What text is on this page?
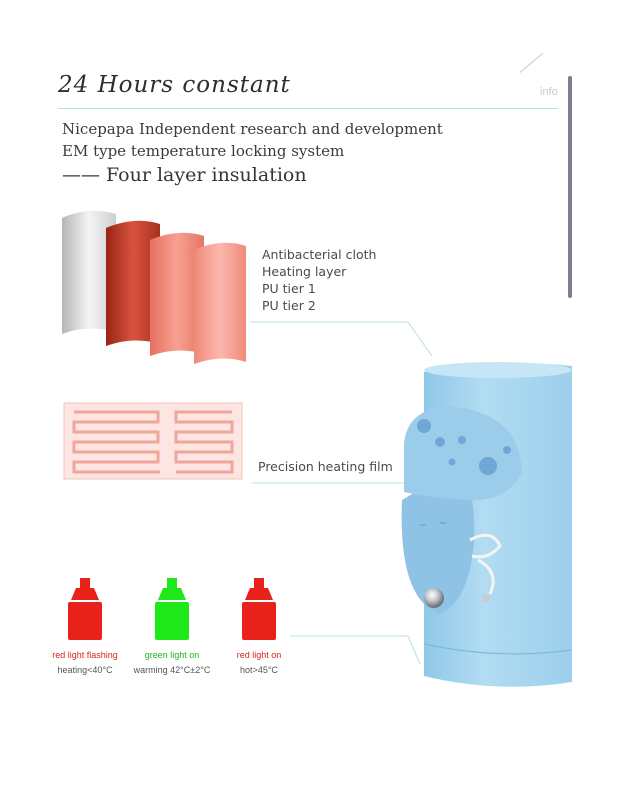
24 Hours constant	info
Nicepapa Independent research and development
EM type temperature locking system
—— Four layer insulation
Antibacterial cloth
Heating layer
PU tier 1
PU tier 2
Precision heating film
red light flashing
heating<40°C
green light on
warming 42°C±2°C
red light on
hot>45°C
